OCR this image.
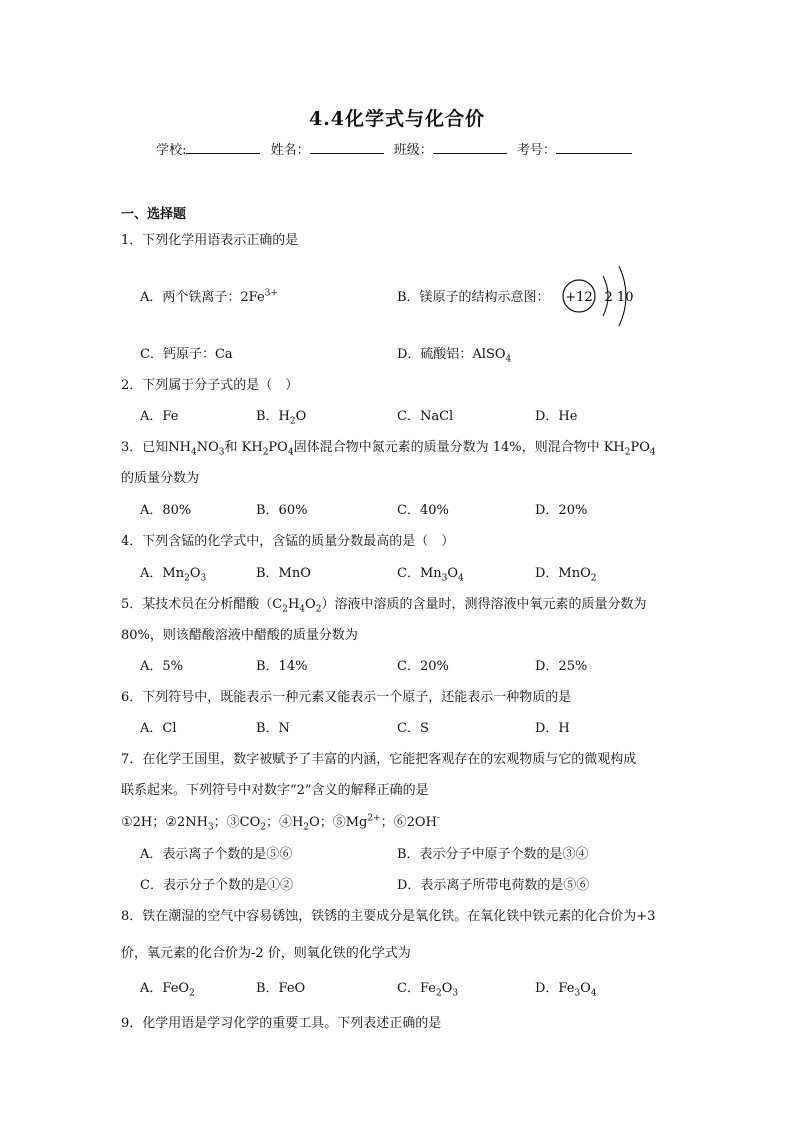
4.4化学式与化合价
学校:	姓名：	班级：	考号：
一、选择题
1．下列化学用语表示正确的是
A．两个铁离子：$2Fe^{3+}$	B．镁原子的结构示意图： +12 2 10
C．钙原子：Ca	D．硫酸铝：AlSO$_4$
2．下列属于分子式的是（　）
A．Fe	B．$H_2O$	C．NaCl	D．He
3．已知$NH_4NO_3$和 $KH_2PO_4$固体混合物中氮元素的质量分数为 14%，则混合物中 $KH_2PO_4$
的质量分数为
A．80%	B．60%	C．40%	D．20%
4．下列含锰的化学式中，含锰的质量分数最高的是（　）
A．$Mn_2O_3$	B．MnO	C．$Mn_3O_4$	D．MnO$_2$
5．某技术员在分析醋酸$(C_2H_4O_2)$溶液中溶质的含量时，测得溶液中氧元素的质量分数为
80%，则该醋酸溶液中醋酸的质量分数为
A．5%	B．14%	C．20%	D．25%
6．下列符号中，既能表示一种元素又能表示一个原子，还能表示一种物质的是
A．Cl	B．N	C．S	D．H
7．在化学王国里，数字被赋予了丰富的内涵，它能把客观存在的宏观物质与它的微观构成
联系起来。下列符号中对数字“2”含义的解释正确的是
①2H；$②2NH_3$；$③CO_2$；$④H_2O$；$⑤Mg^{2+}$；⑥2OH-
A．表示离子个数的是⑤⑥	B．表示分子中原子个数的是③④
C．表示分子个数的是①②	D．表示离子所带电荷数的是⑤⑥
8．铁在潮湿的空气中容易锈蚀，铁锈的主要成分是氧化铁。在氧化铁中铁元素的化合价为+3
价，氧元素的化合价为-2 价，则氧化铁的化学式为
A．FeO$_2$	B．FeO	C．$Fe_2O_3$	D．$Fe_3O_4$
9．化学用语是学习化学的重要工具。下列表述正确的是
